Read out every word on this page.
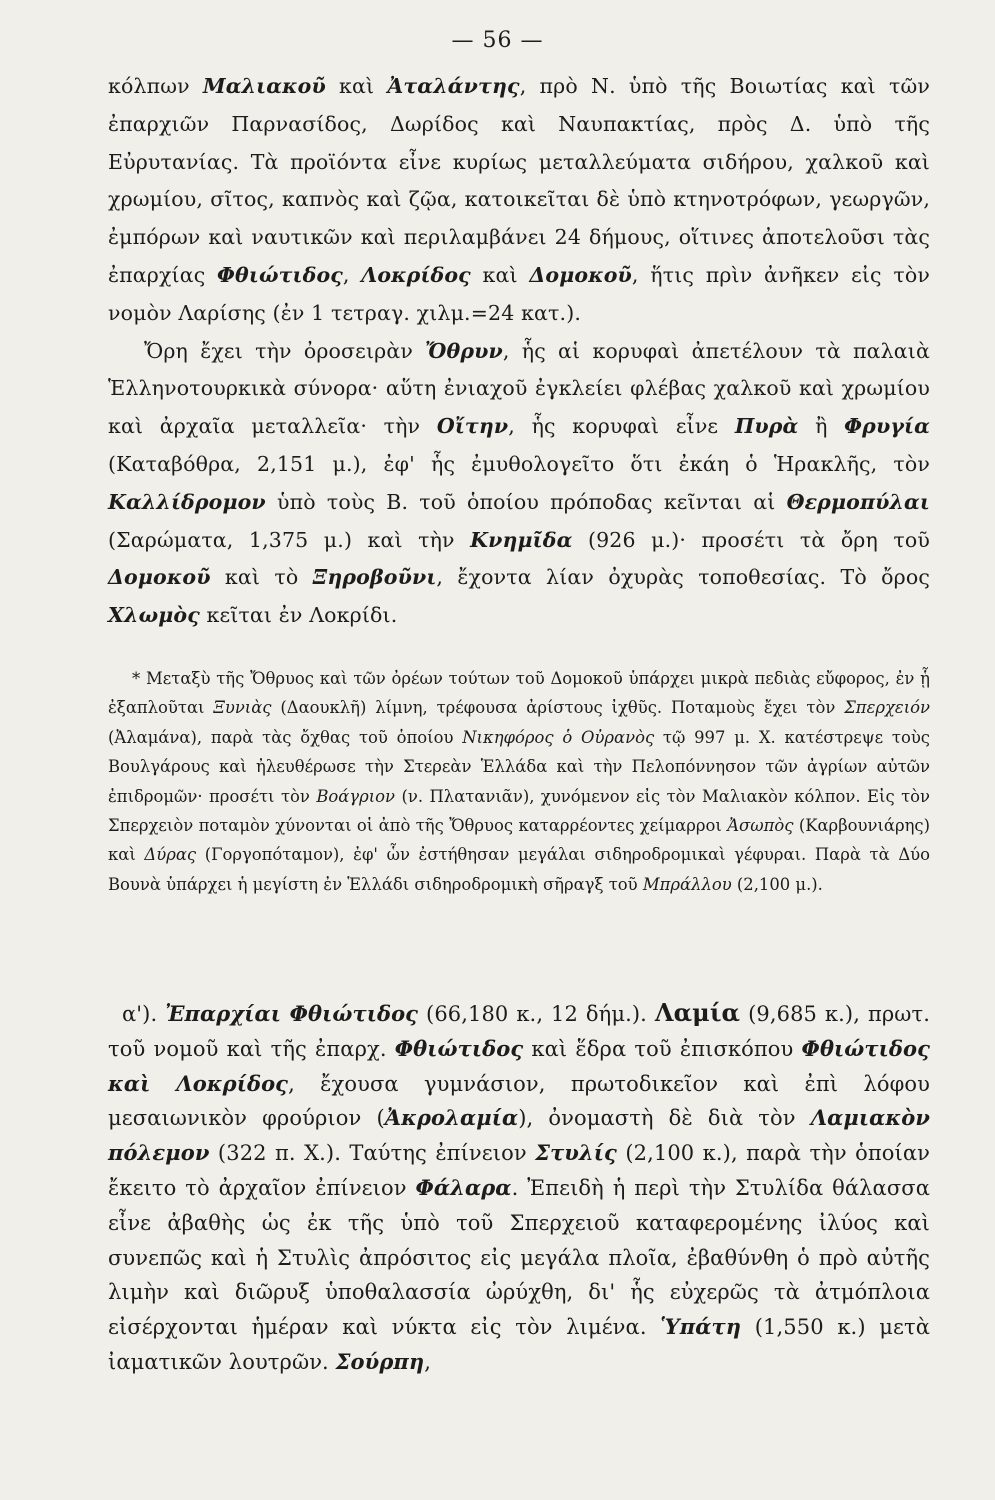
— 56 —

κόλπων Μαλιακοῦ καὶ Ἀταλάντης, πρὸ Ν. ὑπὸ τῆς Βοιωτίας καὶ τῶν ἐπαρχιῶν Παρνασίδος, Δωρίδος καὶ Ναυπακτίας, πρὸς Δ. ὑπὸ τῆς Εὐρυτανίας. Τὰ προϊόντα εἶνε κυρίως μεταλλεύματα σιδήρου, χαλκοῦ καὶ χρωμίου, σῖτος, καπνὸς καὶ ζῷα, κατοικεῖται δὲ ὑπὸ κτηνοτρόφων, γεωργῶν, ἐμπόρων καὶ ναυτικῶν καὶ περιλαμβάνει 24 δήμους, οἵτινες ἀποτελοῦσι τὰς ἐπαρχίας Φθιώτιδος, Λοκρίδος καὶ Δομοκοῦ, ἥτις πρὶν ἀνῆκεν εἰς τὸν νομὸν Λαρίσης (ἐν 1 τετραγ. χιλμ.=24 κατ.).

Ὄρη ἔχει τὴν ὀροσειρὰν Ὄθρυν, ἧς αἱ κορυφαὶ ἀπετέλουν τὰ παλαιὰ Ἑλληνοτουρκικὰ σύνορα· αὕτη ἐνιαχοῦ ἐγκλείει φλέβας χαλκοῦ καὶ χρωμίου καὶ ἀρχαῖα μεταλλεῖα· τὴν Οἴτην, ἧς κορυφαὶ εἶνε Πυρὰ ἢ Φρυγία (Καταβόθρα, 2,151 μ.), ἐφ' ἧς ἐμυθολογεῖτο ὅτι ἐκάη ὁ Ἡρακλῆς, τὸν Καλλίδρομον ὑπὸ τοὺς Β. τοῦ ὁποίου πρόποδας κεῖνται αἱ Θερμοπύλαι (Σαρώματα, 1,375 μ.) καὶ τὴν Κνημῖδα (926 μ.)· προσέτι τὰ ὄρη τοῦ Δομοκοῦ καὶ τὸ Ξηροβοῦνι, ἔχοντα λίαν ὀχυρὰς τοποθεσίας. Τὸ ὄρος Χλωμὸς κεῖται ἐν Λοκρίδι.

* Μεταξὺ τῆς Ὄθρυος καὶ τῶν ὀρέων τούτων τοῦ Δομοκοῦ ὑπάρχει μικρὰ πεδιὰς εὔφορος, ἐν ᾗ ἐξαπλοῦται Ξυνιὰς (Δαουκλῆ) λίμνη, τρέφουσα ἀρίστους ἰχθῦς. Ποταμοὺς ἔχει τὸν Σπερχειόν (Ἀλαμάνα), παρὰ τὰς ὄχθας τοῦ ὁποίου Νικηφόρος ὁ Οὐρανὸς τῷ 997 μ. Χ. κατέστρεψε τοὺς Βουλγάρους καὶ ἠλευθέρωσε τὴν Στερεὰν Ἑλλάδα καὶ τὴν Πελοπόννησον τῶν ἀγρίων αὐτῶν ἐπιδρομῶν· προσέτι τὸν Βοάγριον (ν. Πλατανιᾶν), χυνόμενον εἰς τὸν Μαλιακὸν κόλπον. Εἰς τὸν Σπερχειὸν ποταμὸν χύνονται οἱ ἀπὸ τῆς Ὄθρυος καταρρέοντες χείμαρροι Ἀσωπὸς (Καρβουνιάρης) καὶ Δύρας (Γοργοπόταμον), ἐφ' ὧν ἐστήθησαν μεγάλαι σιδηροδρομικαὶ γέφυραι. Παρὰ τὰ Δύο Βουνὰ ὑπάρχει ἡ μεγίστη ἐν Ἑλλάδι σιδηροδρομικὴ σῆραγξ τοῦ Μπράλλου (2,100 μ.).

α'). Ἐπαρχίαι Φθιώτιδος (66,180 κ., 12 δήμ.). Λαμία (9,685 κ.), πρωτ. τοῦ νομοῦ καὶ τῆς ἐπαρχ. Φθιώτιδος καὶ ἕδρα τοῦ ἐπισκόπου Φθιώτιδος καὶ Λοκρίδος, ἔχουσα γυμνάσιον, πρωτοδικεῖον καὶ ἐπὶ λόφου μεσαιωνικὸν φρούριον (Ἀκρολαμία), ὀνομαστὴ δὲ διὰ τὸν Λαμιακὸν πόλεμον (322 π. Χ.). Ταύτης ἐπίνειον Στυλίς (2,100 κ.), παρὰ τὴν ὁποίαν ἔκειτο τὸ ἀρχαῖον ἐπίνειον Φάλαρα. Ἐπειδὴ ἡ περὶ τὴν Στυλίδα θάλασσα εἶνε ἀβαθὴς ὡς ἐκ τῆς ὑπὸ τοῦ Σπερχειοῦ καταφερομένης ἰλύος καὶ συνεπῶς καὶ ἡ Στυλὶς ἀπρόσιτος εἰς μεγάλα πλοῖα, ἐβαθύνθη ὁ πρὸ αὐτῆς λιμὴν καὶ διῶρυξ ὑποθαλασσία ὠρύχθη, δι' ἧς εὐχερῶς τὰ ἀτμόπλοια εἰσέρχονται ἡμέραν καὶ νύκτα εἰς τὸν λιμένα. Ὑπάτη (1,550 κ.) μετὰ ἰαματικῶν λουτρῶν. Σούρπη,
